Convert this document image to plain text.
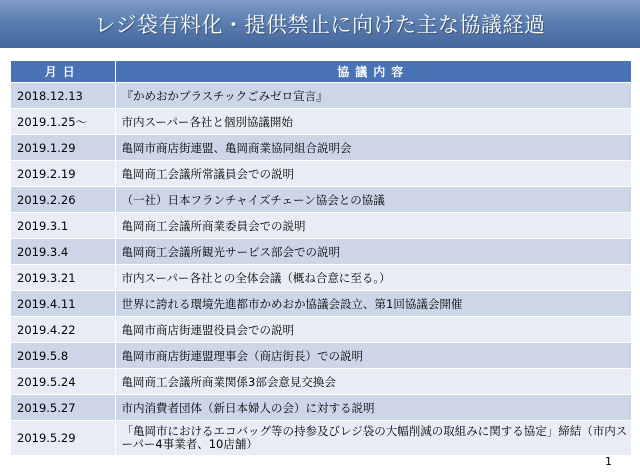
レジ袋有料化・提供禁止に向けた主な協議経過
月日	協議内容
2018.12.13	『かめおかプラスチックごみゼロ宣言』
2019.1.25～	市内スーパー各社と個別協議開始
2019.1.29	亀岡市商店街連盟、亀岡商業協同組合説明会
2019.2.19	亀岡商工会議所常議員会での説明
2019.2.26	（一社）日本フランチャイズチェーン協会との協議
2019.3.1	亀岡商工会議所商業委員会での説明
2019.3.4	亀岡商工会議所観光サービス部会での説明
2019.3.21	市内スーパー各社との全体会議（概ね合意に至る。）
2019.4.11	世界に誇れる環境先進都市かめおか協議会設立、第1回協議会開催
2019.4.22	亀岡市商店街連盟役員会での説明
2019.5.8	亀岡市商店街連盟理事会（商店街長）での説明
2019.5.24	亀岡商工会議所商業関係3部会意見交換会
2019.5.27	市内消費者団体（新日本婦人の会）に対する説明
2019.5.29	「亀岡市におけるエコバッグ等の持参及びレジ袋の大幅削減の取組みに関する協定」締結（市内スーパー4事業者、10店舗）
1
